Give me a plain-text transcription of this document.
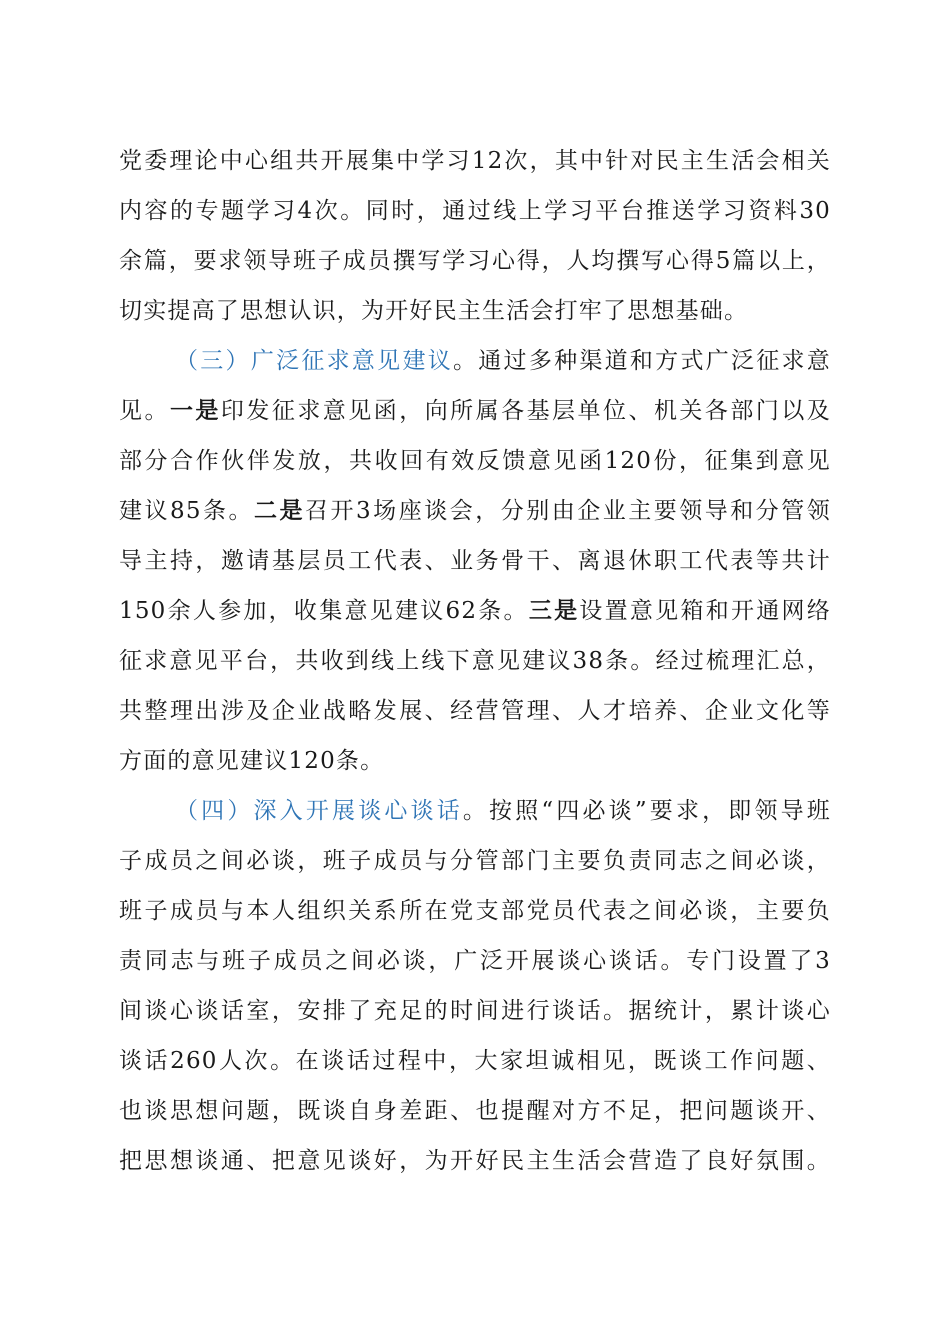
党委理论中心组共开展集中学习12次，其中针对民主生活会相关
内容的专题学习4次。同时，通过线上学习平台推送学习资料30
余篇，要求领导班子成员撰写学习心得，人均撰写心得5篇以上，
切实提高了思想认识，为开好民主生活会打牢了思想基础。
（三）广泛征求意见建议。通过多种渠道和方式广泛征求意
见。一是印发征求意见函，向所属各基层单位、机关各部门以及
部分合作伙伴发放，共收回有效反馈意见函120份，征集到意见
建议85条。二是召开3场座谈会，分别由企业主要领导和分管领
导主持，邀请基层员工代表、业务骨干、离退休职工代表等共计
150余人参加，收集意见建议62条。三是设置意见箱和开通网络
征求意见平台，共收到线上线下意见建议38条。经过梳理汇总，
共整理出涉及企业战略发展、经营管理、人才培养、企业文化等
方面的意见建议120条。
（四）深入开展谈心谈话。按照“四必谈”要求，即领导班
子成员之间必谈，班子成员与分管部门主要负责同志之间必谈，
班子成员与本人组织关系所在党支部党员代表之间必谈，主要负
责同志与班子成员之间必谈，广泛开展谈心谈话。专门设置了3
间谈心谈话室，安排了充足的时间进行谈话。据统计，累计谈心
谈话260人次。在谈话过程中，大家坦诚相见，既谈工作问题、
也谈思想问题，既谈自身差距、也提醒对方不足，把问题谈开、
把思想谈通、把意见谈好，为开好民主生活会营造了良好氛围。
